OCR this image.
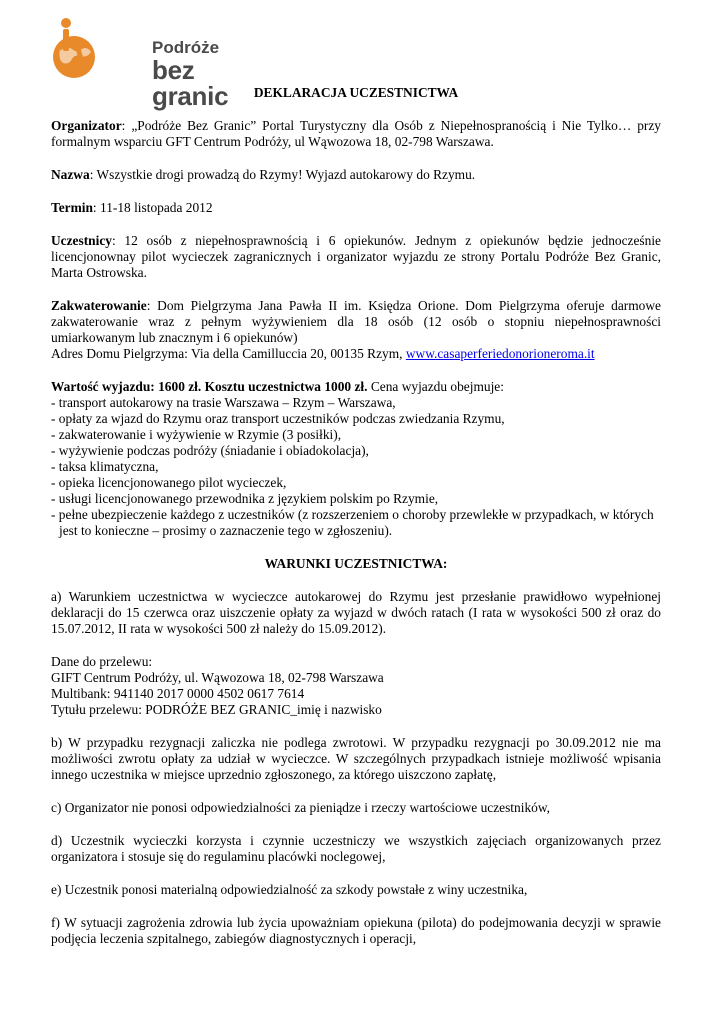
Podróże
bez granic	DEKLARACJA UCZESTNICTWA

Organizator: „Podróże Bez Granic” Portal Turystyczny dla Osób z Niepełnospranością i Nie Tylko… przy formalnym wsparciu GFT Centrum Podróży, ul Wąwozowa 18, 02-798 Warszawa.

Nazwa: Wszystkie drogi prowadzą do Rzymy! Wyjazd autokarowy do Rzymu.

Termin: 11-18 listopada 2012

Uczestnicy: 12 osób z niepełnosprawnością i 6 opiekunów. Jednym z opiekunów będzie jednocześnie licencjonownay pilot wycieczek zagranicznych i organizator wyjazdu ze strony Portalu Podróże Bez Granic, Marta Ostrowska.

Zakwaterowanie: Dom Pielgrzyma Jana Pawła II im. Księdza Orione. Dom Pielgrzyma oferuje darmowe zakwaterowanie wraz z pełnym wyżywieniem dla 18 osób (12 osób o stopniu niepełnosprawności umiarkowanym lub znacznym i 6 opiekunów)

Adres Domu Pielgrzyma: Via della Camilluccia 20, 00135 Rzym, www.casaperferiedonorioneroma.it

Wartość wyjazdu: 1600 zł. Kosztu uczestnictwa 1000 zł. Cena wyjazdu obejmuje:
- transport autokarowy na trasie Warszawa – Rzym – Warszawa,
- opłaty za wjazd do Rzymu oraz transport uczestników podczas zwiedzania Rzymu,
- zakwaterowanie i wyżywienie w Rzymie (3 posiłki),
- wyżywienie podczas podróży (śniadanie i obiadokolacja),
- taksa klimatyczna,
- opieka licencjonowanego pilot wycieczek,
- usługi licencjonowanego przewodnika z językiem polskim po Rzymie,
- pełne ubezpieczenie każdego z uczestników (z rozszerzeniem o choroby przewlekłe w przypadkach, w których jest to konieczne – prosimy o zaznaczenie tego w zgłoszeniu).
WARUNKI UCZESTNICTWA:

a) Warunkiem uczestnictwa w wycieczce autokarowej do Rzymu jest przesłanie prawidłowo wypełnionej deklaracji do 15 czerwca oraz uiszczenie opłaty za wyjazd w dwóch ratach (I rata w wysokości 500 zł oraz do 15.07.2012, II rata w wysokości 500 zł należy do 15.09.2012).

Dane do przelewu:
GIFT Centrum Podróży, ul. Wąwozowa 18, 02-798 Warszawa
Multibank: 941140 2017 0000 4502 0617 7614
Tytułu przelewu: PODRÓŻE BEZ GRANIC_imię i nazwisko

b) W przypadku rezygnacji zaliczka nie podlega zwrotowi. W przypadku rezygnacji po 30.09.2012 nie ma możliwości zwrotu opłaty za udział w wycieczce. W szczególnych przypadkach istnieje możliwość wpisania innego uczestnika w miejsce uprzednio zgłoszonego, za którego uiszczono zapłatę,

c) Organizator nie ponosi odpowiedzialności za pieniądze i rzeczy wartościowe uczestników,

d) Uczestnik wycieczki korzysta i czynnie uczestniczy we wszystkich zajęciach organizowanych przez organizatora i stosuje się do regulaminu placówki noclegowej,

e) Uczestnik ponosi materialną odpowiedzialność za szkody powstałe z winy uczestnika,

f) W sytuacji zagrożenia zdrowia lub życia upoważniam opiekuna (pilota) do podejmowania decyzji w sprawie podjęcia leczenia szpitalnego, zabiegów diagnostycznych i operacji,
